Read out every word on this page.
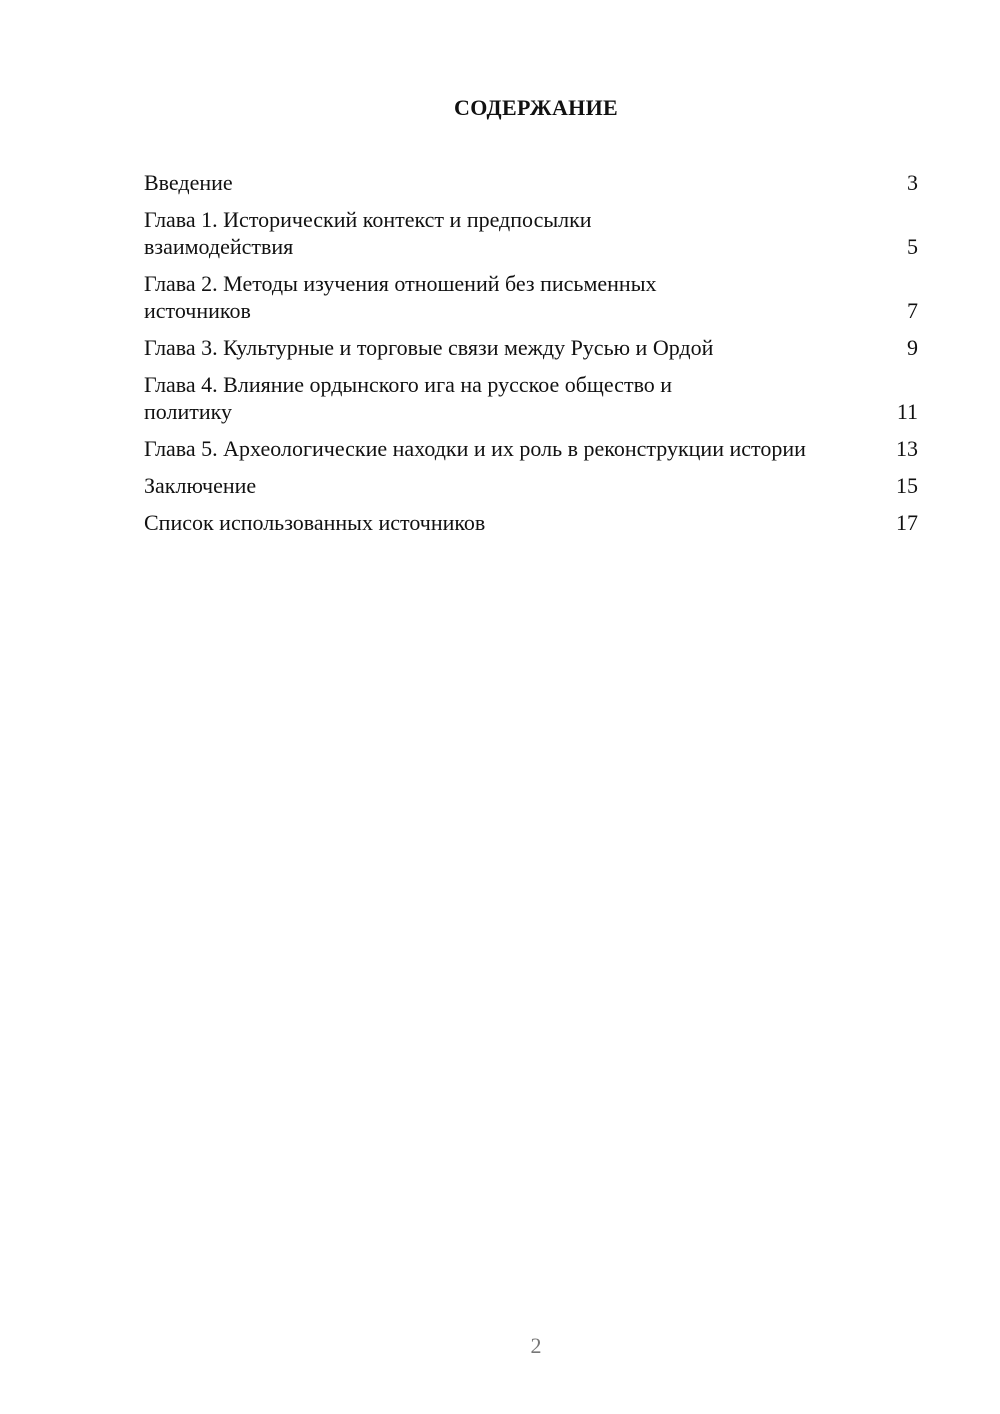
СОДЕРЖАНИЕ
Введение	3
Глава 1. Исторический контекст и предпосылки взаимодействия	5
Глава 2. Методы изучения отношений без письменных источников	7
Глава 3. Культурные и торговые связи между Русью и Ордой	9
Глава 4. Влияние ордынского ига на русское общество и политику	11
Глава 5. Археологические находки и их роль в реконструкции истории	13
Заключение	15
Список использованных источников	17
2
